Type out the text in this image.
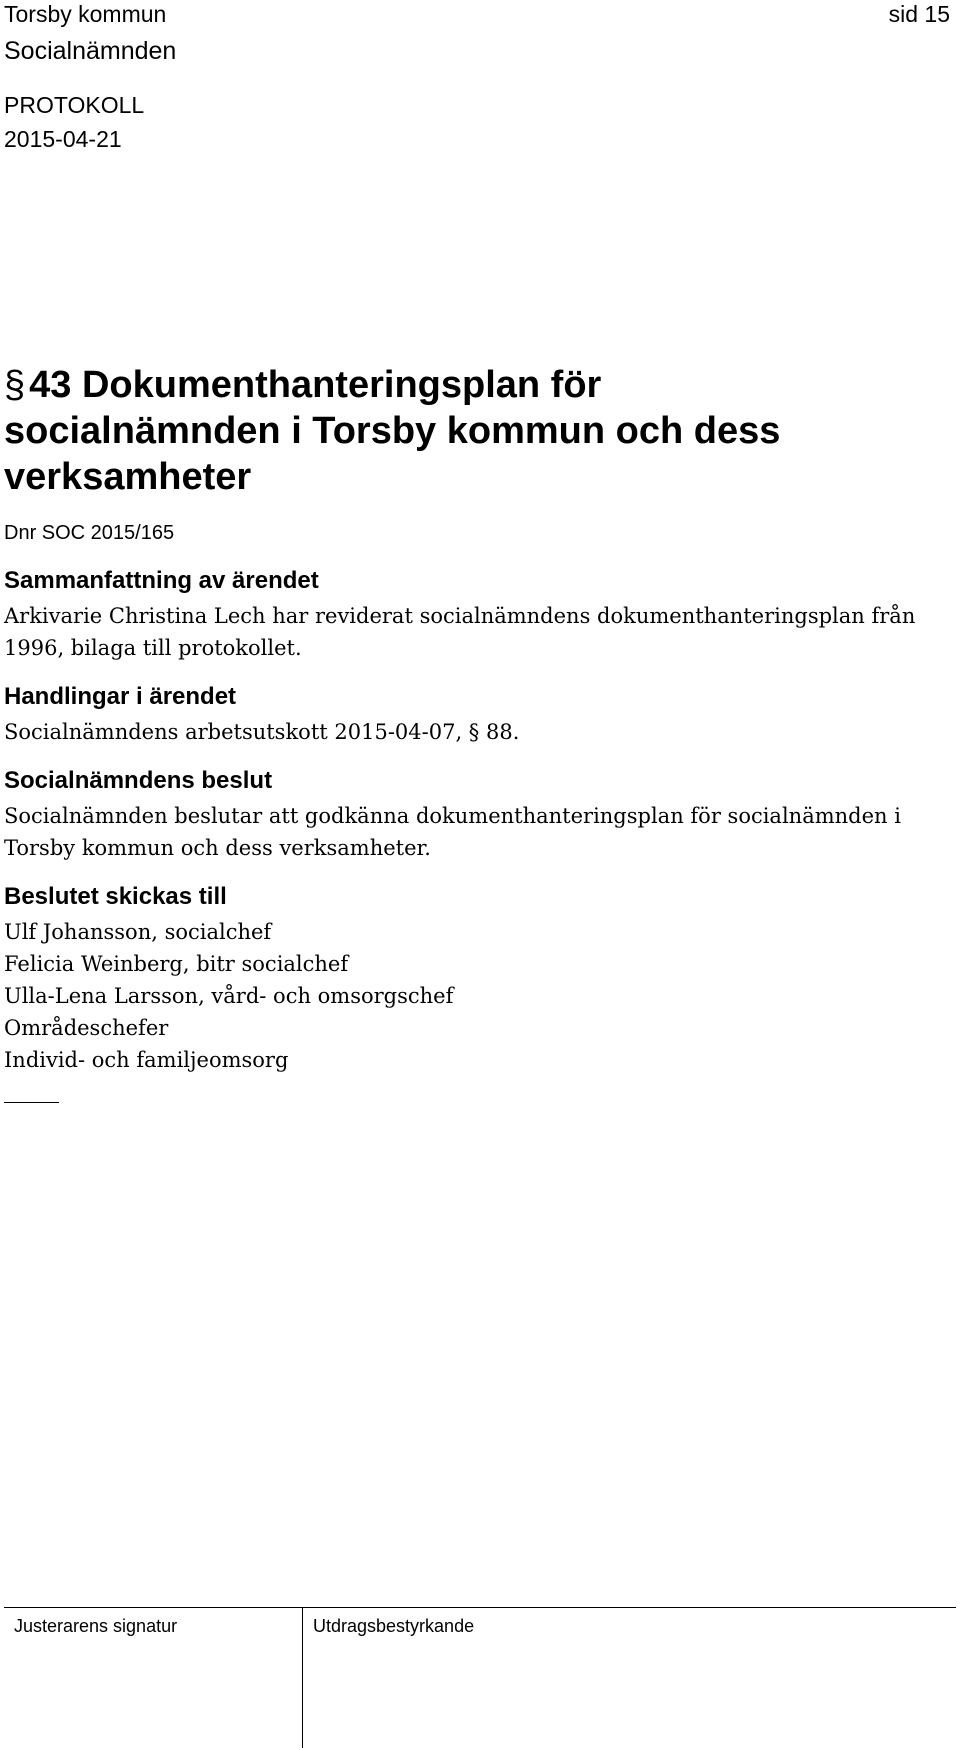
Torsby kommun	sid 15
Socialnämnden
PROTOKOLL
2015-04-21
§ 43 Dokumenthanteringsplan för
socialnämnden i Torsby kommun och dess
verksamheter
Dnr SOC 2015/165
Sammanfattning av ärendet
Arkivarie Christina Lech har reviderat socialnämndens dokumenthanteringsplan från
1996, bilaga till protokollet.
Handlingar i ärendet
Socialnämndens arbetsutskott 2015-04-07, § 88.
Socialnämndens beslut
Socialnämnden beslutar att godkänna dokumenthanteringsplan för socialnämnden i
Torsby kommun och dess verksamheter.
Beslutet skickas till
Ulf Johansson, socialchef
Felicia Weinberg, bitr socialchef
Ulla-Lena Larsson, vård- och omsorgschef
Områdeschefer
Individ- och familjeomsorg
Justerarens signatur	Utdragsbestyrkande
